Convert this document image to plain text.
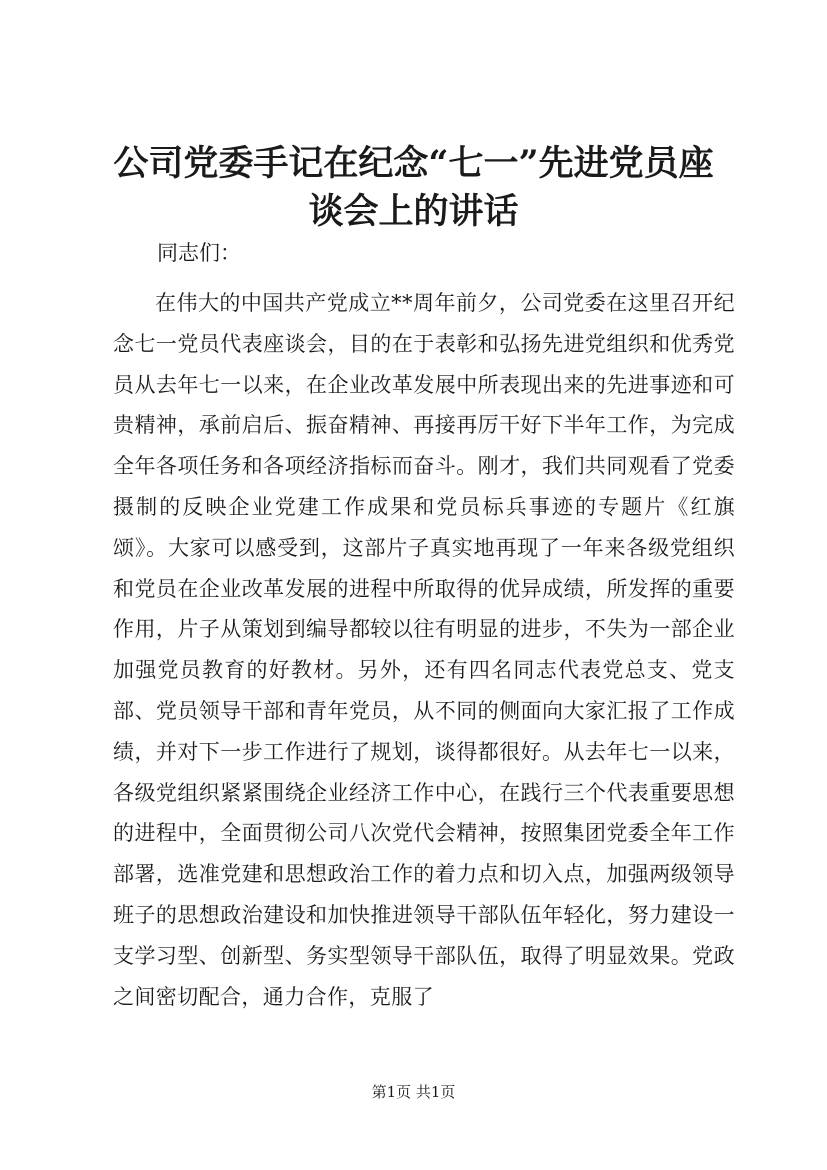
公司党委手记在纪念“七一”先进党员座谈会上的讲话

同志们：

在伟大的中国共产党成立**周年前夕，公司党委在这里召开纪念七一党员代表座谈会，目的在于表彰和弘扬先进党组织和优秀党员从去年七一以来，在企业改革发展中所表现出来的先进事迹和可贵精神，承前启后、振奋精神、再接再厉干好下半年工作，为完成全年各项任务和各项经济指标而奋斗。刚才，我们共同观看了党委摄制的反映企业党建工作成果和党员标兵事迹的专题片《红旗颂》。大家可以感受到，这部片子真实地再现了一年来各级党组织和党员在企业改革发展的进程中所取得的优异成绩，所发挥的重要作用，片子从策划到编导都较以往有明显的进步，不失为一部企业加强党员教育的好教材。另外，还有四名同志代表党总支、党支部、党员领导干部和青年党员，从不同的侧面向大家汇报了工作成绩，并对下一步工作进行了规划，谈得都很好。从去年七一以来，各级党组织紧紧围绕企业经济工作中心，在践行三个代表重要思想的进程中，全面贯彻公司八次党代会精神，按照集团党委全年工作部署，选准党建和思想政治工作的着力点和切入点，加强两级领导班子的思想政治建设和加快推进领导干部队伍年轻化，努力建设一支学习型、创新型、务实型领导干部队伍，取得了明显效果。党政之间密切配合，通力合作，克服了

第1页 共1页
